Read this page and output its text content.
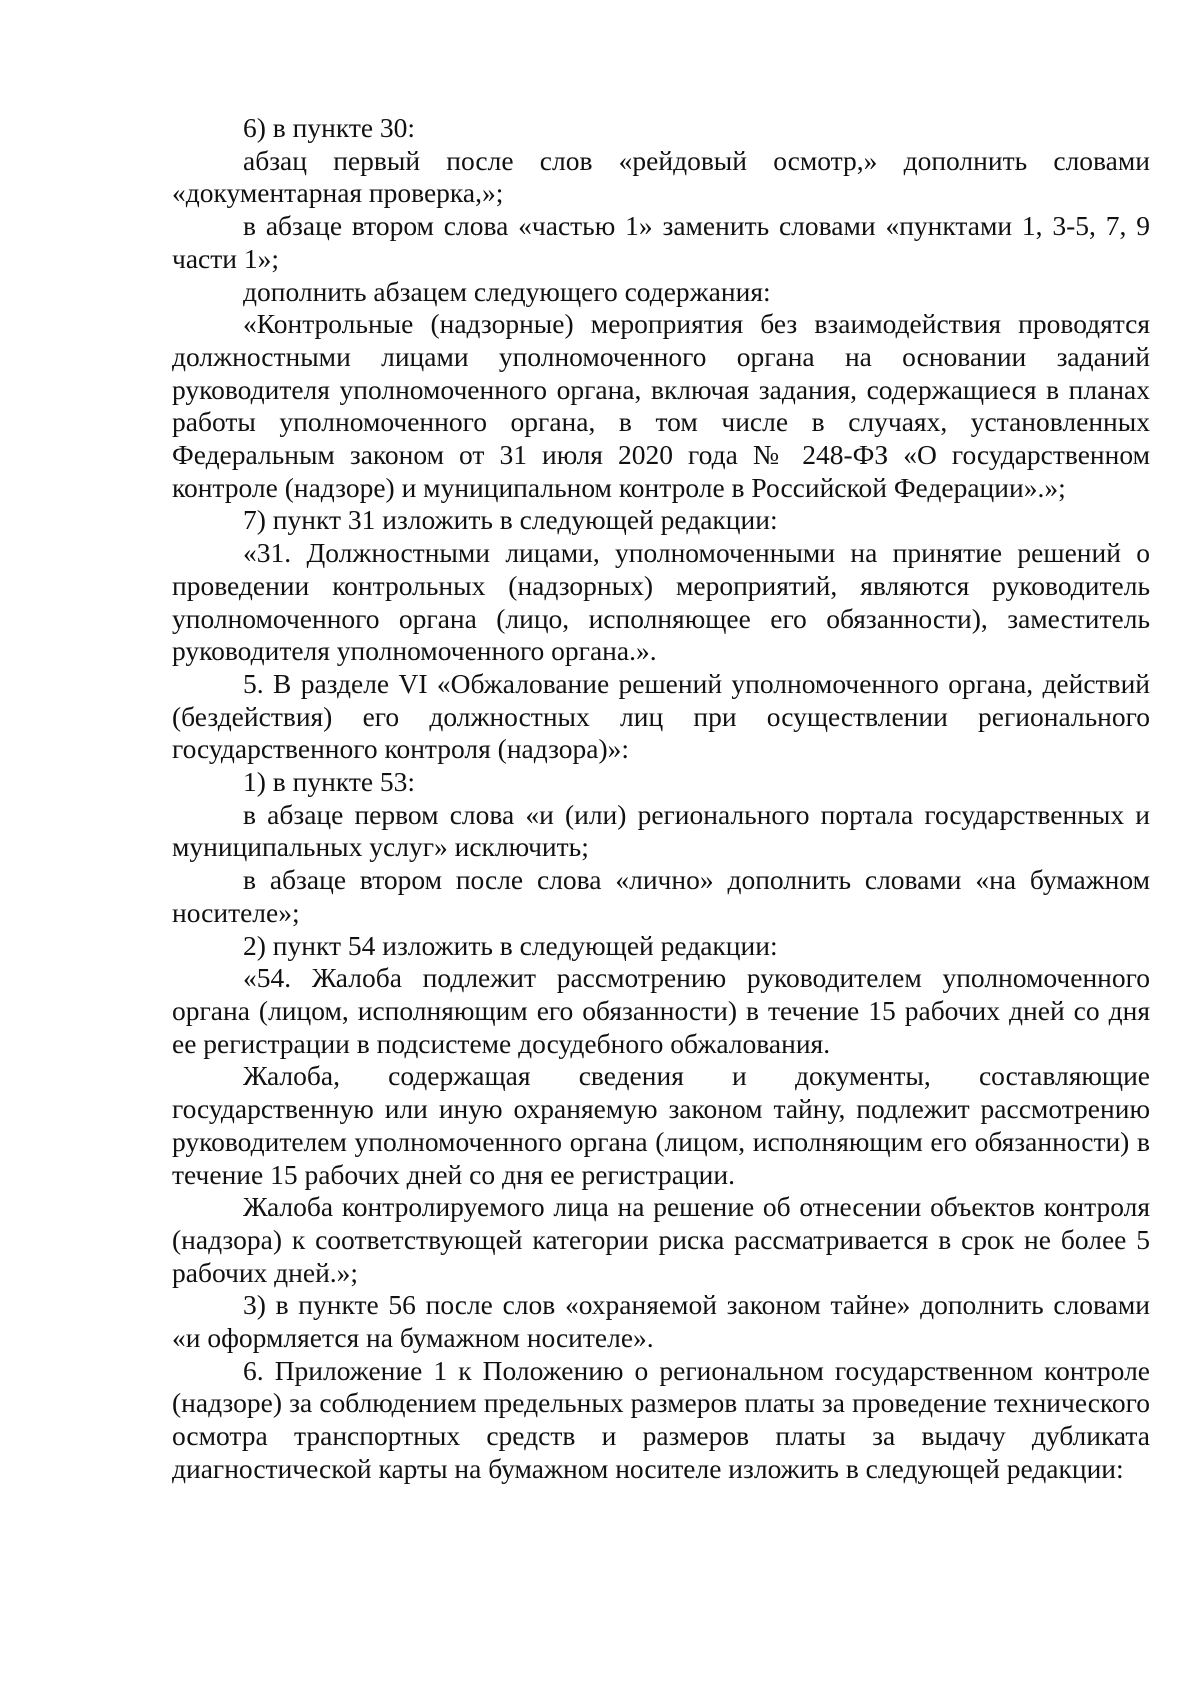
6) в пункте 30:

абзац первый после слов «рейдовый осмотр,» дополнить словами «документарная проверка,»;

в абзаце втором слова «частью 1» заменить словами «пунктами 1, 3-5, 7, 9 части 1»;

дополнить абзацем следующего содержания:

«Контрольные (надзорные) мероприятия без взаимодействия проводятся должностными лицами уполномоченного органа на основании заданий руководителя уполномоченного органа, включая задания, содержащиеся в планах работы уполномоченного органа, в том числе в случаях, установленных Федеральным законом от 31 июля 2020 года № 248-ФЗ «О государственном контроле (надзоре) и муниципальном контроле в Российской Федерации».»;

7) пункт 31 изложить в следующей редакции:

«31. Должностными лицами, уполномоченными на принятие решений о проведении контрольных (надзорных) мероприятий, являются руководитель уполномоченного органа (лицо, исполняющее его обязанности), заместитель руководителя уполномоченного органа.».

5. В разделе VI «Обжалование решений уполномоченного органа, действий (бездействия) его должностных лиц при осуществлении регионального государственного контроля (надзора)»:

1) в пункте 53:

в абзаце первом слова «и (или) регионального портала государственных и муниципальных услуг» исключить;

в абзаце втором после слова «лично» дополнить словами «на бумажном носителе»;

2) пункт 54 изложить в следующей редакции:

«54. Жалоба подлежит рассмотрению руководителем уполномоченного органа (лицом, исполняющим его обязанности) в течение 15 рабочих дней со дня ее регистрации в подсистеме досудебного обжалования.

Жалоба, содержащая сведения и документы, составляющие государственную или иную охраняемую законом тайну, подлежит рассмотрению руководителем уполномоченного органа (лицом, исполняющим его обязанности) в течение 15 рабочих дней со дня ее регистрации.

Жалоба контролируемого лица на решение об отнесении объектов контроля (надзора) к соответствующей категории риска рассматривается в срок не более 5 рабочих дней.»;

3) в пункте 56 после слов «охраняемой законом тайне» дополнить словами «и оформляется на бумажном носителе».

6. Приложение 1 к Положению о региональном государственном контроле (надзоре) за соблюдением предельных размеров платы за проведение технического осмотра транспортных средств и размеров платы за выдачу дубликата диагностической карты на бумажном носителе изложить в следующей редакции:
